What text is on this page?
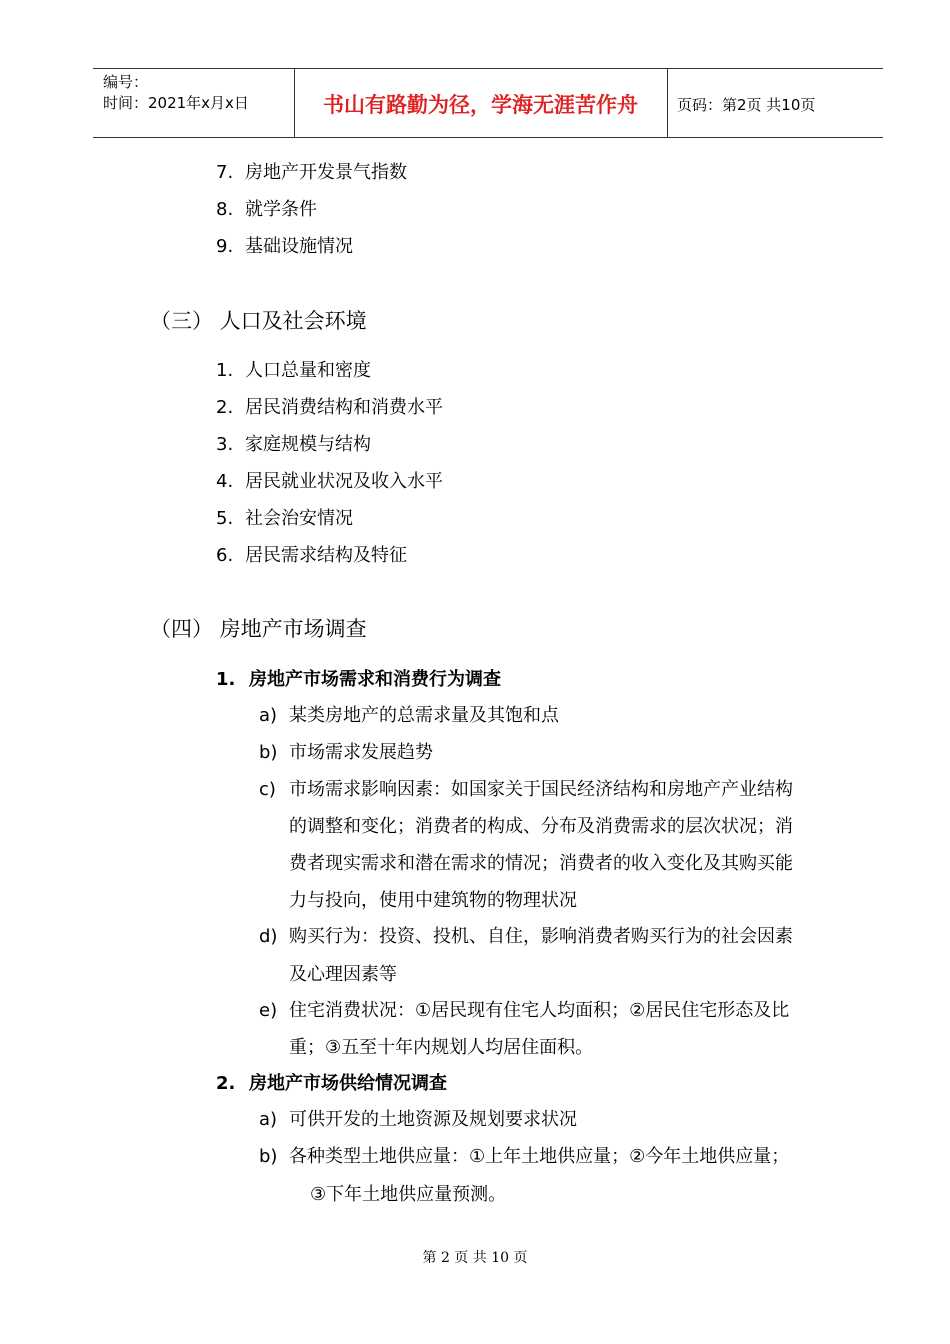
编号：
时间：2021年x月x日	书山有路勤为径，学海无涯苦作舟	页码：第2页 共10页
7. 房地产开发景气指数
8. 就学条件
9. 基础设施情况
（三） 人口及社会环境
1. 人口总量和密度
2. 居民消费结构和消费水平
3. 家庭规模与结构
4. 居民就业状况及收入水平
5. 社会治安情况
6. 居民需求结构及特征
（四） 房地产市场调查
1. 房地产市场需求和消费行为调查
a) 某类房地产的总需求量及其饱和点
b) 市场需求发展趋势
c) 市场需求影响因素：如国家关于国民经济结构和房地产产业结构
的调整和变化；消费者的构成、分布及消费需求的层次状况；消
费者现实需求和潜在需求的情况；消费者的收入变化及其购买能
力与投向，使用中建筑物的物理状况
d) 购买行为：投资、投机、自住，影响消费者购买行为的社会因素
及心理因素等
e) 住宅消费状况：①居民现有住宅人均面积；②居民住宅形态及比
重；③五至十年内规划人均居住面积。
2. 房地产市场供给情况调查
a) 可供开发的土地资源及规划要求状况
b) 各种类型土地供应量：①上年土地供应量；②今年土地供应量；
③下年土地供应量预测。
第 2 页 共 10 页
